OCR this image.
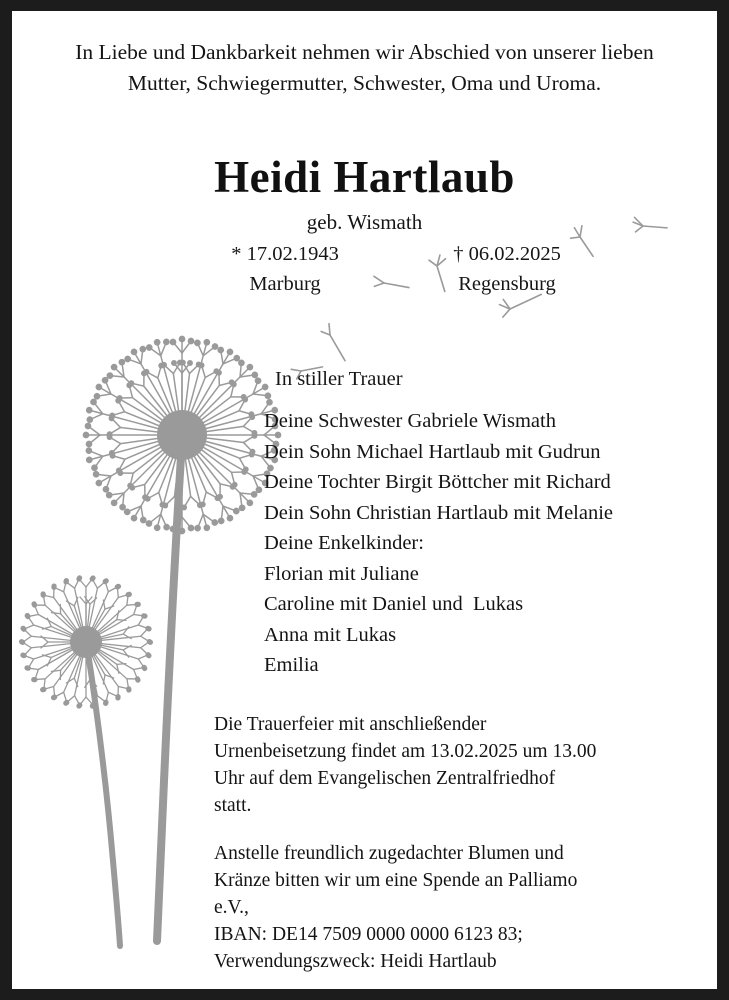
In Liebe und Dankbarkeit nehmen wir Abschied von unserer lieben
Mutter, Schwiegermutter, Schwester, Oma und Uroma.
Heidi Hartlaub
geb. Wismath
* 17.02.1943	† 06.02.2025
Marburg	Regensburg
In stiller Trauer
Deine Schwester Gabriele Wismath
Dein Sohn Michael Hartlaub mit Gudrun
Deine Tochter Birgit Böttcher mit Richard
Dein Sohn Christian Hartlaub mit Melanie
Deine Enkelkinder:
Florian mit Juliane
Caroline mit Daniel und  Lukas
Anna mit Lukas
Emilia
Die Trauerfeier mit anschließender
Urnenbeisetzung findet am 13.02.2025 um 13.00
Uhr auf dem Evangelischen Zentralfriedhof
statt.
Anstelle freundlich zugedachter Blumen und
Kränze bitten wir um eine Spende an Palliamo
e.V.,
IBAN: DE14 7509 0000 0000 6123 83;
Verwendungszweck: Heidi Hartlaub
